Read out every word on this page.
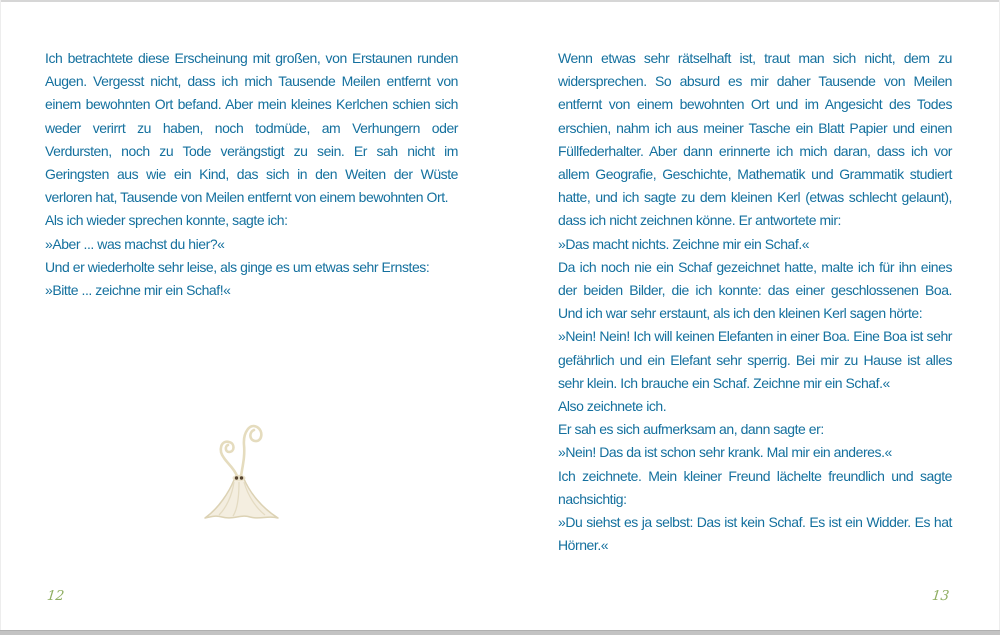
Ich betrachtete diese Erscheinung mit großen, von Erstaunen runden Augen. Vergesst nicht, dass ich mich Tausende Meilen entfernt von einem bewohnten Ort befand. Aber mein kleines Kerlchen schien sich weder verirrt zu haben, noch todmüde, am Verhungern oder Verdursten, noch zu Tode verängstigt zu sein. Er sah nicht im Geringsten aus wie ein Kind, das sich in den Weiten der Wüste verloren hat, Tausende von Meilen entfernt von einem bewohnten Ort.

Als ich wieder sprechen konnte, sagte ich:

»Aber ... was machst du hier?«

Und er wiederholte sehr leise, als ginge es um etwas sehr Ernstes:

»Bitte ... zeichne mir ein Schaf!«

12

Wenn etwas sehr rätselhaft ist, traut man sich nicht, dem zu widersprechen. So absurd es mir daher Tausende von Meilen entfernt von einem bewohnten Ort und im Angesicht des Todes erschien, nahm ich aus meiner Tasche ein Blatt Papier und einen Füllfederhalter. Aber dann erinnerte ich mich daran, dass ich vor allem Geografie, Geschichte, Mathematik und Grammatik studiert hatte, und ich sagte zu dem kleinen Kerl (etwas schlecht gelaunt), dass ich nicht zeichnen könne. Er antwortete mir:

»Das macht nichts. Zeichne mir ein Schaf.«

Da ich noch nie ein Schaf gezeichnet hatte, malte ich für ihn eines der beiden Bilder, die ich konnte: das einer geschlossenen Boa. Und ich war sehr erstaunt, als ich den kleinen Kerl sagen hörte:

»Nein! Nein! Ich will keinen Elefanten in einer Boa. Eine Boa ist sehr gefährlich und ein Elefant sehr sperrig. Bei mir zu Hause ist alles sehr klein. Ich brauche ein Schaf. Zeichne mir ein Schaf.«

Also zeichnete ich.

Er sah es sich aufmerksam an, dann sagte er:

»Nein! Das da ist schon sehr krank. Mal mir ein anderes.«

Ich zeichnete. Mein kleiner Freund lächelte freundlich und sagte nachsichtig:

»Du siehst es ja selbst: Das ist kein Schaf. Es ist ein Widder. Es hat Hörner.«

13
